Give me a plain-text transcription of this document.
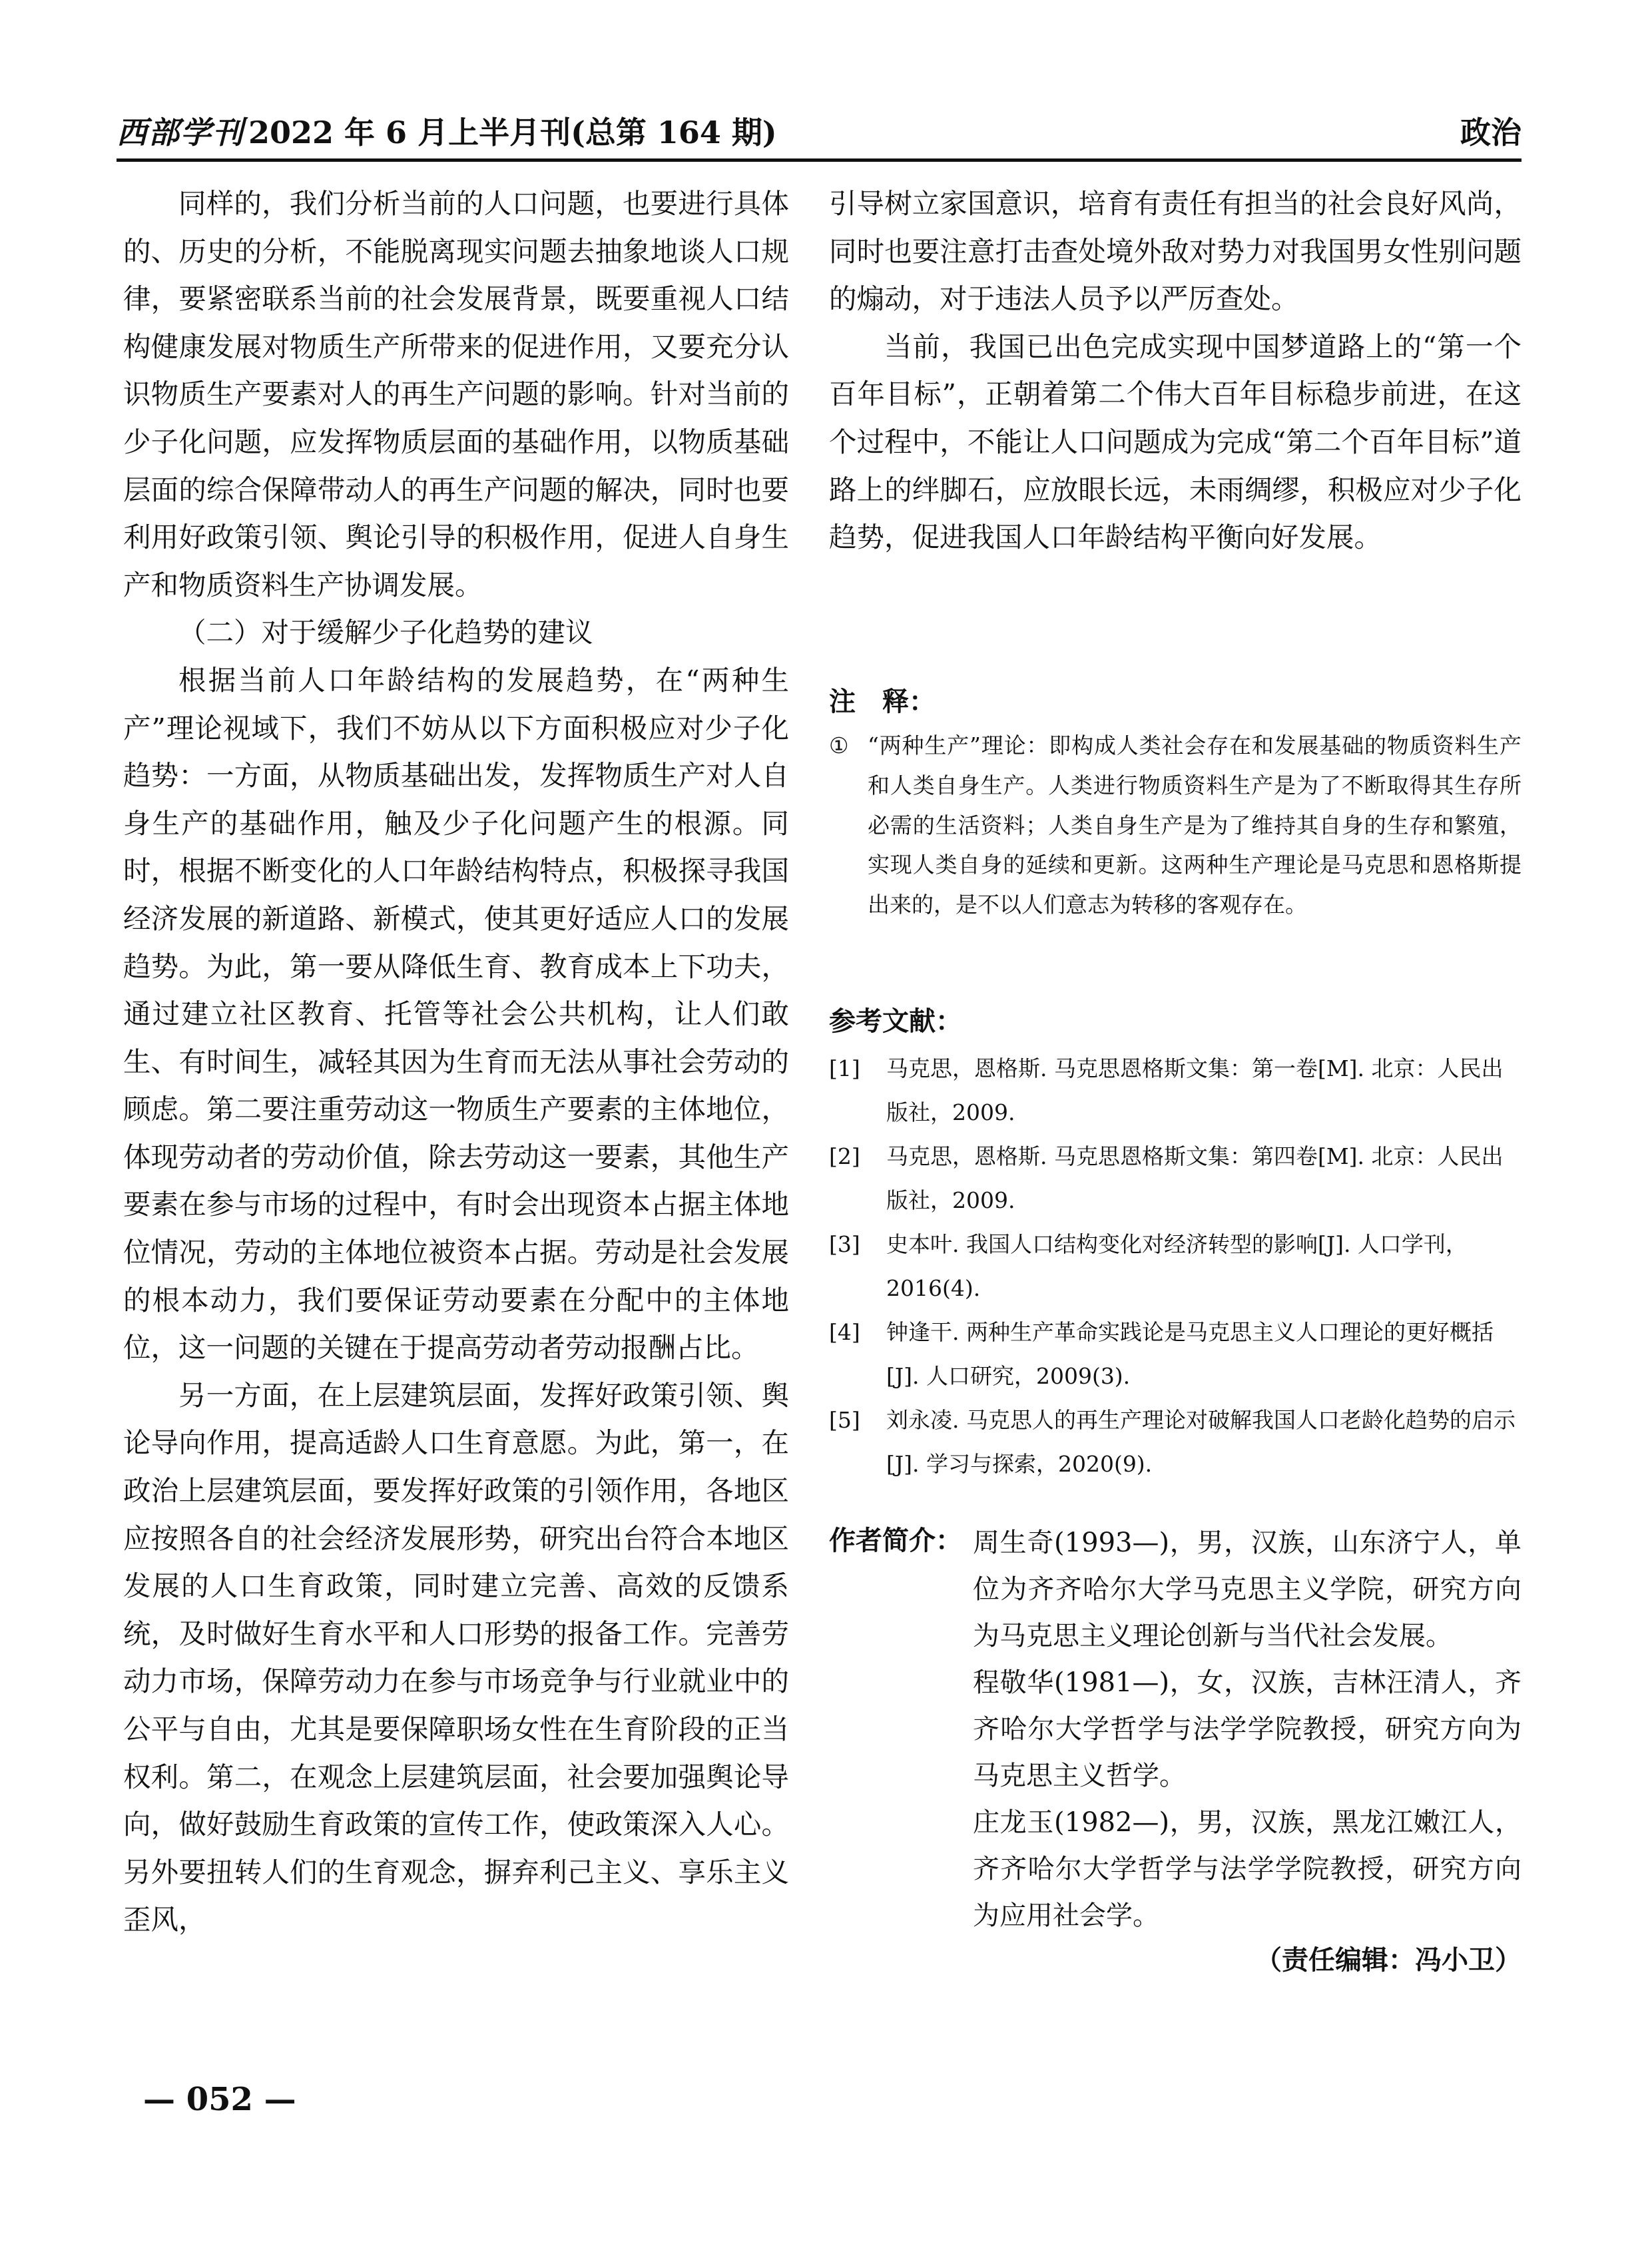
西部学刊 2022 年 6 月上半月刊(总第 164 期)	政治

同样的，我们分析当前的人口问题，也要进行具体的、历史的分析，不能脱离现实问题去抽象地谈人口规律，要紧密联系当前的社会发展背景，既要重视人口结构健康发展对物质生产所带来的促进作用，又要充分认识物质生产要素对人的再生产问题的影响。针对当前的少子化问题，应发挥物质层面的基础作用，以物质基础层面的综合保障带动人的再生产问题的解决，同时也要利用好政策引领、舆论引导的积极作用，促进人自身生产和物质资料生产协调发展。

（二）对于缓解少子化趋势的建议

根据当前人口年龄结构的发展趋势，在“两种生产”理论视域下，我们不妨从以下方面积极应对少子化趋势：一方面，从物质基础出发，发挥物质生产对人自身生产的基础作用，触及少子化问题产生的根源。同时，根据不断变化的人口年龄结构特点，积极探寻我国经济发展的新道路、新模式，使其更好适应人口的发展趋势。为此，第一要从降低生育、教育成本上下功夫，通过建立社区教育、托管等社会公共机构，让人们敢生、有时间生，减轻其因为生育而无法从事社会劳动的顾虑。第二要注重劳动这一物质生产要素的主体地位，体现劳动者的劳动价值，除去劳动这一要素，其他生产要素在参与市场的过程中，有时会出现资本占据主体地位情况，劳动的主体地位被资本占据。劳动是社会发展的根本动力，我们要保证劳动要素在分配中的主体地位，这一问题的关键在于提高劳动者劳动报酬占比。

另一方面，在上层建筑层面，发挥好政策引领、舆论导向作用，提高适龄人口生育意愿。为此，第一，在政治上层建筑层面，要发挥好政策的引领作用，各地区应按照各自的社会经济发展形势，研究出台符合本地区发展的人口生育政策，同时建立完善、高效的反馈系统，及时做好生育水平和人口形势的报备工作。完善劳动力市场，保障劳动力在参与市场竞争与行业就业中的公平与自由，尤其是要保障职场女性在生育阶段的正当权利。第二，在观念上层建筑层面，社会要加强舆论导向，做好鼓励生育政策的宣传工作，使政策深入人心。另外要扭转人们的生育观念，摒弃利己主义、享乐主义歪风，

引导树立家国意识，培育有责任有担当的社会良好风尚，同时也要注意打击查处境外敌对势力对我国男女性别问题的煽动，对于违法人员予以严厉查处。

当前，我国已出色完成实现中国梦道路上的“第一个百年目标”，正朝着第二个伟大百年目标稳步前进，在这个过程中，不能让人口问题成为完成“第二个百年目标”道路上的绊脚石，应放眼长远，未雨绸缪，积极应对少子化趋势，促进我国人口年龄结构平衡向好发展。

注　释：
① “两种生产”理论：即构成人类社会存在和发展基础的物质资料生产和人类自身生产。人类进行物质资料生产是为了不断取得其生存所必需的生活资料；人类自身生产是为了维持其自身的生存和繁殖，实现人类自身的延续和更新。这两种生产理论是马克思和恩格斯提出来的，是不以人们意志为转移的客观存在。
参考文献：
[1]	马克思，恩格斯. 马克思恩格斯文集：第一卷[M]. 北京：人民出版社，2009.
[2]	马克思，恩格斯. 马克思恩格斯文集：第四卷[M]. 北京：人民出版社，2009.
[3]	史本叶. 我国人口结构变化对经济转型的影响[J]. 人口学刊，2016(4).
[4]	钟逢干. 两种生产革命实践论是马克思主义人口理论的更好概括[J]. 人口研究，2009(3).
[5]	刘永凌. 马克思人的再生产理论对破解我国人口老龄化趋势的启示[J]. 学习与探索，2020(9).
作者简介： 周生奇(1993—)，男，汉族，山东济宁人，单位为齐齐哈尔大学马克思主义学院，研究方向为马克思主义理论创新与当代社会发展。

程敬华(1981—)，女，汉族，吉林汪清人，齐齐哈尔大学哲学与法学学院教授，研究方向为马克思主义哲学。

庄龙玉(1982—)，男，汉族，黑龙江嫩江人，齐齐哈尔大学哲学与法学学院教授，研究方向为应用社会学。

（责任编辑：冯小卫）
— 052 —
